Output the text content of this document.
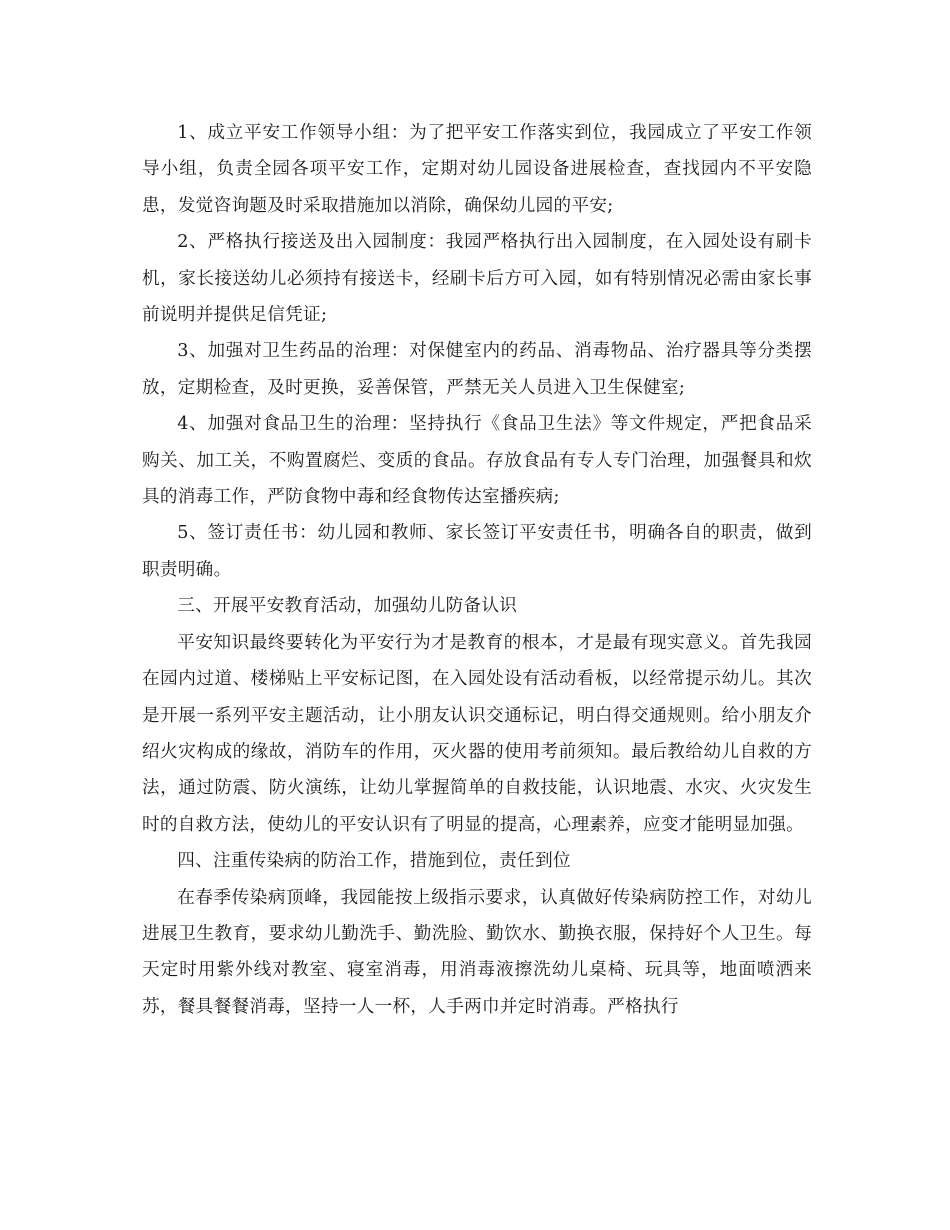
1、成立平安工作领导小组：为了把平安工作落实到位，我园成立了平安工作领导小组，负责全园各项平安工作，定期对幼儿园设备进展检查，查找园内不平安隐患，发觉咨询题及时采取措施加以消除，确保幼儿园的平安;

2、严格执行接送及出入园制度：我园严格执行出入园制度，在入园处设有刷卡机，家长接送幼儿必须持有接送卡，经刷卡后方可入园，如有特别情况必需由家长事前说明并提供足信凭证;

3、加强对卫生药品的治理：对保健室内的药品、消毒物品、治疗器具等分类摆放，定期检查，及时更换，妥善保管，严禁无关人员进入卫生保健室;

4、加强对食品卫生的治理：坚持执行《食品卫生法》等文件规定，严把食品采购关、加工关，不购置腐烂、变质的食品。存放食品有专人专门治理，加强餐具和炊具的消毒工作，严防食物中毒和经食物传达室播疾病;

5、签订责任书：幼儿园和教师、家长签订平安责任书，明确各自的职责，做到职责明确。

三、开展平安教育活动，加强幼儿防备认识

平安知识最终要转化为平安行为才是教育的根本，才是最有现实意义。首先我园在园内过道、楼梯贴上平安标记图，在入园处设有活动看板，以经常提示幼儿。其次是开展一系列平安主题活动，让小朋友认识交通标记，明白得交通规则。给小朋友介绍火灾构成的缘故，消防车的作用，灭火器的使用考前须知。最后教给幼儿自救的方法，通过防震、防火演练，让幼儿掌握简单的自救技能，认识地震、水灾、火灾发生时的自救方法，使幼儿的平安认识有了明显的提高，心理素养，应变才能明显加强。

四、注重传染病的防治工作，措施到位，责任到位

在春季传染病顶峰，我园能按上级指示要求，认真做好传染病防控工作，对幼儿进展卫生教育，要求幼儿勤洗手、勤洗脸、勤饮水、勤换衣服，保持好个人卫生。每天定时用紫外线对教室、寝室消毒，用消毒液擦洗幼儿桌椅、玩具等，地面喷洒来苏，餐具餐餐消毒，坚持一人一杯，人手两巾并定时消毒。严格执行
